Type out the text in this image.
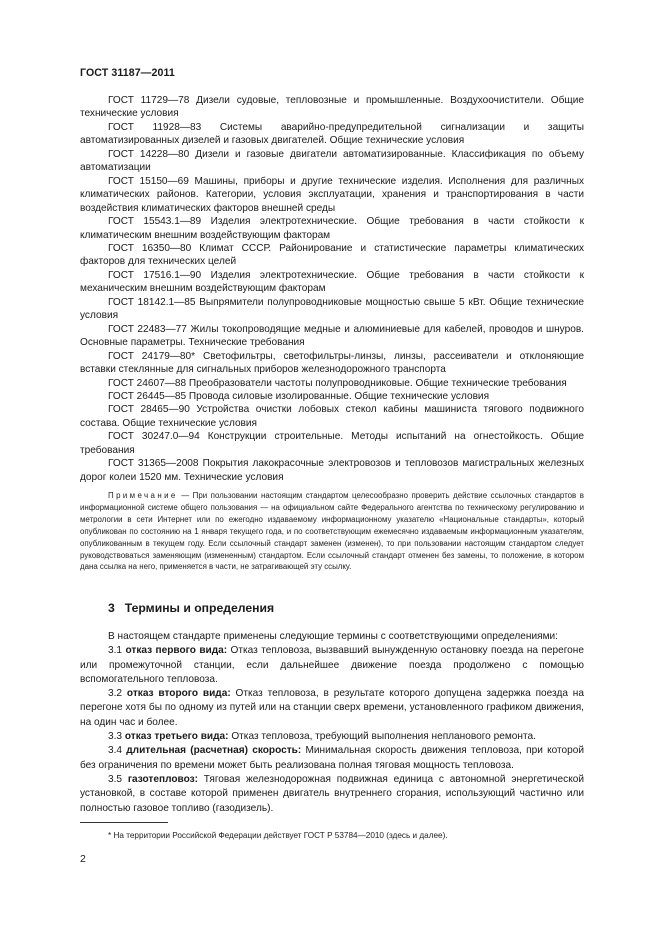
ГОСТ 31187—2011

ГОСТ 11729—78 Дизели судовые, тепловозные и промышленные. Воздухоочистители. Общие технические условия

ГОСТ 11928—83 Системы аварийно-предупредительной сигнализации и защиты автоматизированных дизелей и газовых двигателей. Общие технические условия

ГОСТ 14228—80 Дизели и газовые двигатели автоматизированные. Классификация по объему автоматизации

ГОСТ 15150—69 Машины, приборы и другие технические изделия. Исполнения для различных климатических районов. Категории, условия эксплуатации, хранения и транспортирования в части воздействия климатических факторов внешней среды

ГОСТ 15543.1—89 Изделия электротехнические. Общие требования в части стойкости к климатическим внешним воздействующим факторам

ГОСТ 16350—80 Климат СССР. Районирование и статистические параметры климатических факторов для технических целей

ГОСТ 17516.1—90 Изделия электротехнические. Общие требования в части стойкости к механическим внешним воздействующим факторам

ГОСТ 18142.1—85 Выпрямители полупроводниковые мощностью свыше 5 кВт. Общие технические условия

ГОСТ 22483—77 Жилы токопроводящие медные и алюминиевые для кабелей, проводов и шнуров. Основные параметры. Технические требования

ГОСТ 24179—80* Светофильтры, светофильтры-линзы, линзы, рассеиватели и отклоняющие вставки стеклянные для сигнальных приборов железнодорожного транспорта

ГОСТ 24607—88 Преобразователи частоты полупроводниковые. Общие технические требования

ГОСТ 26445—85 Провода силовые изолированные. Общие технические условия

ГОСТ 28465—90 Устройства очистки лобовых стекол кабины машиниста тягового подвижного состава. Общие технические условия

ГОСТ 30247.0—94 Конструкции строительные. Методы испытаний на огнестойкость. Общие требования

ГОСТ 31365—2008 Покрытия лакокрасочные электровозов и тепловозов магистральных железных дорог колеи 1520 мм. Технические условия

Примечание — При пользовании настоящим стандартом целесообразно проверить действие ссылочных стандартов в информационной системе общего пользования — на официальном сайте Федерального агентства по техническому регулированию и метрологии в сети Интернет или по ежегодно издаваемому информационному указателю «Национальные стандарты», который опубликован по состоянию на 1 января текущего года, и по соответствующим ежемесячно издаваемым информационным указателям, опубликованным в текущем году. Если ссылочный стандарт заменен (изменен), то при пользовании настоящим стандартом следует руководствоваться заменяющим (измененным) стандартом. Если ссылочный стандарт отменен без замены, то положение, в котором дана ссылка на него, применяется в части, не затрагивающей эту ссылку.

3 Термины и определения

В настоящем стандарте применены следующие термины с соответствующими определениями:

3.1 отказ первого вида: Отказ тепловоза, вызвавший вынужденную остановку поезда на перегоне или промежуточной станции, если дальнейшее движение поезда продолжено с помощью вспомогательного тепловоза.

3.2 отказ второго вида: Отказ тепловоза, в результате которого допущена задержка поезда на перегоне хотя бы по одному из путей или на станции сверх времени, установленного графиком движения, на один час и более.

3.3 отказ третьего вида: Отказ тепловоза, требующий выполнения непланового ремонта.

3.4 длительная (расчетная) скорость: Минимальная скорость движения тепловоза, при которой без ограничения по времени может быть реализована полная тяговая мощность тепловоза.

3.5 газотепловоз: Тяговая железнодорожная подвижная единица с автономной энергетической установкой, в составе которой применен двигатель внутреннего сгорания, использующий частично или полностью газовое топливо (газодизель).

* На территории Российской Федерации действует ГОСТ Р 53784—2010 (здесь и далее).
2
